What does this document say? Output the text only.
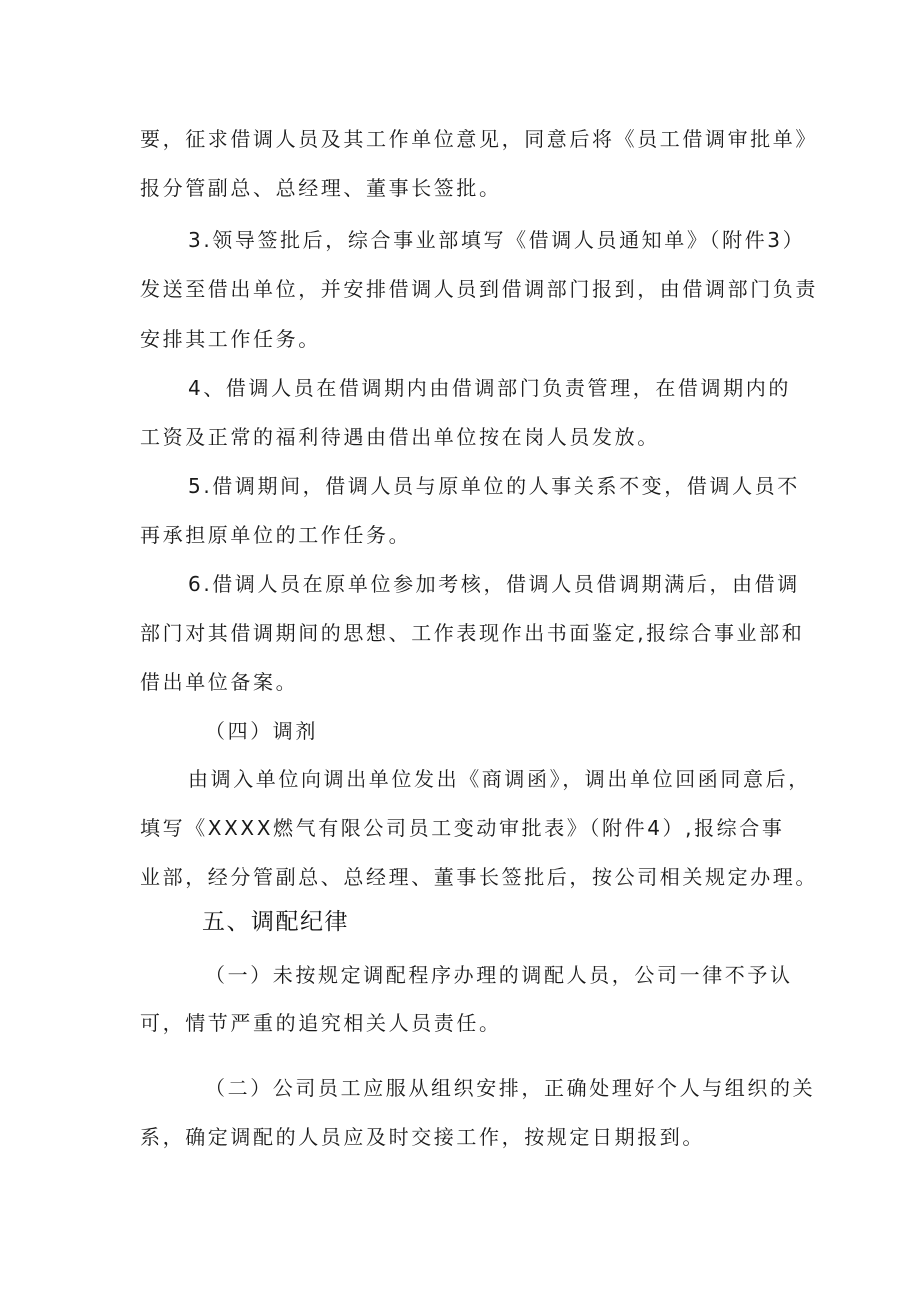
要，征求借调人员及其工作单位意见，同意后将《员工借调审批单》
报分管副总、总经理、董事长签批。
3.领导签批后，综合事业部填写《借调人员通知单》（附件3）
发送至借出单位，并安排借调人员到借调部门报到，由借调部门负责
安排其工作任务。
4、借调人员在借调期内由借调部门负责管理，在借调期内的
工资及正常的福利待遇由借出单位按在岗人员发放。
5.借调期间，借调人员与原单位的人事关系不变，借调人员不
再承担原单位的工作任务。
6.借调人员在原单位参加考核，借调人员借调期满后，由借调
部门对其借调期间的思想、工作表现作出书面鉴定,报综合事业部和
借出单位备案。
（四）调剂
由调入单位向调出单位发出《商调函》，调出单位回函同意后，
填写《XXXX燃气有限公司员工变动审批表》（附件4）,报综合事
业部，经分管副总、总经理、董事长签批后，按公司相关规定办理。
五、调配纪律
（一）未按规定调配程序办理的调配人员，公司一律不予认
可，情节严重的追究相关人员责任。
（二）公司员工应服从组织安排，正确处理好个人与组织的关
系，确定调配的人员应及时交接工作，按规定日期报到。
